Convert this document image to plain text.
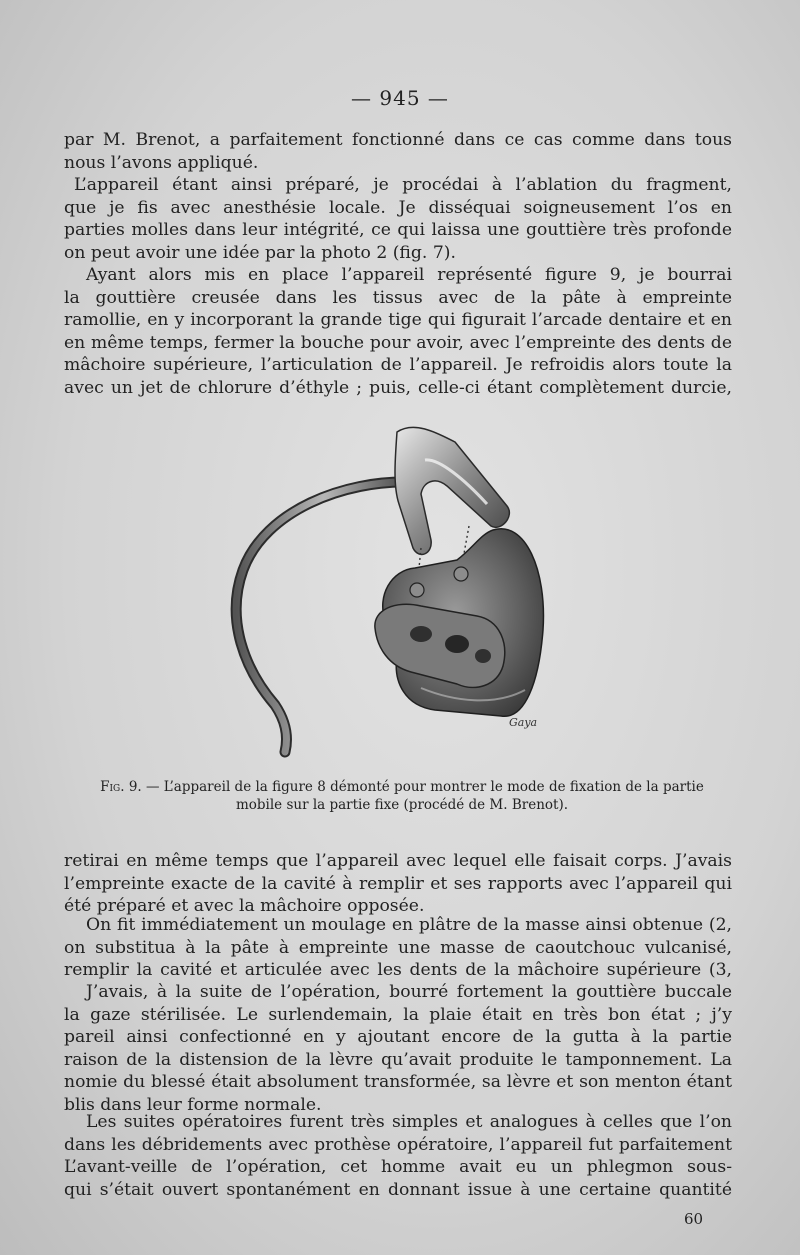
— 945 —
par M. Brenot, a parfaitement fonctionné dans ce cas comme dans tous
nous l’avons appliqué.
L’appareil étant ainsi préparé, je procédai à l’ablation du fragment,
que je fis avec anesthésie locale. Je disséquai soigneusement l’os en
parties molles dans leur intégrité, ce qui laissa une gouttière très profonde
on peut avoir une idée par la photo 2 (fig. 7).
Ayant alors mis en place l’appareil représenté figure 9, je bourrai
la gouttière creusée dans les tissus avec de la pâte à empreinte
ramollie, en y incorporant la grande tige qui figurait l’arcade dentaire et en
en même temps, fermer la bouche pour avoir, avec l’empreinte des dents de
mâchoire supérieure, l’articulation de l’appareil. Je refroidis alors toute la
avec un jet de chlorure d’éthyle ; puis, celle-ci étant complètement durcie,
Gaya
Fig. 9. — L’appareil de la figure 8 démonté pour montrer le mode de fixation de la partie
mobile sur la partie fixe (procédé de M. Brenot).
retirai en même temps que l’appareil avec lequel elle faisait corps. J’avais
l’empreinte exacte de la cavité à remplir et ses rapports avec l’appareil qui
été préparé et avec la mâchoire opposée.
On fit immédiatement un moulage en plâtre de la masse ainsi obtenue (2,
on substitua à la pâte à empreinte une masse de caoutchouc vulcanisé,
remplir la cavité et articulée avec les dents de la mâchoire supérieure (3,
J’avais, à la suite de l’opération, bourré fortement la gouttière buccale
la gaze stérilisée. Le surlendemain, la plaie était en très bon état ; j’y
pareil ainsi confectionné en y ajoutant encore de la gutta à la partie
raison de la distension de la lèvre qu’avait produite le tamponnement. La
nomie du blessé était absolument transformée, sa lèvre et son menton étant
blis dans leur forme normale.
Les suites opératoires furent très simples et analogues à celles que l’on
dans les débridements avec prothèse opératoire, l’appareil fut parfaitement
L’avant-veille de l’opération, cet homme avait eu un phlegmon sous-
qui s’était ouvert spontanément en donnant issue à une certaine quantité
60
